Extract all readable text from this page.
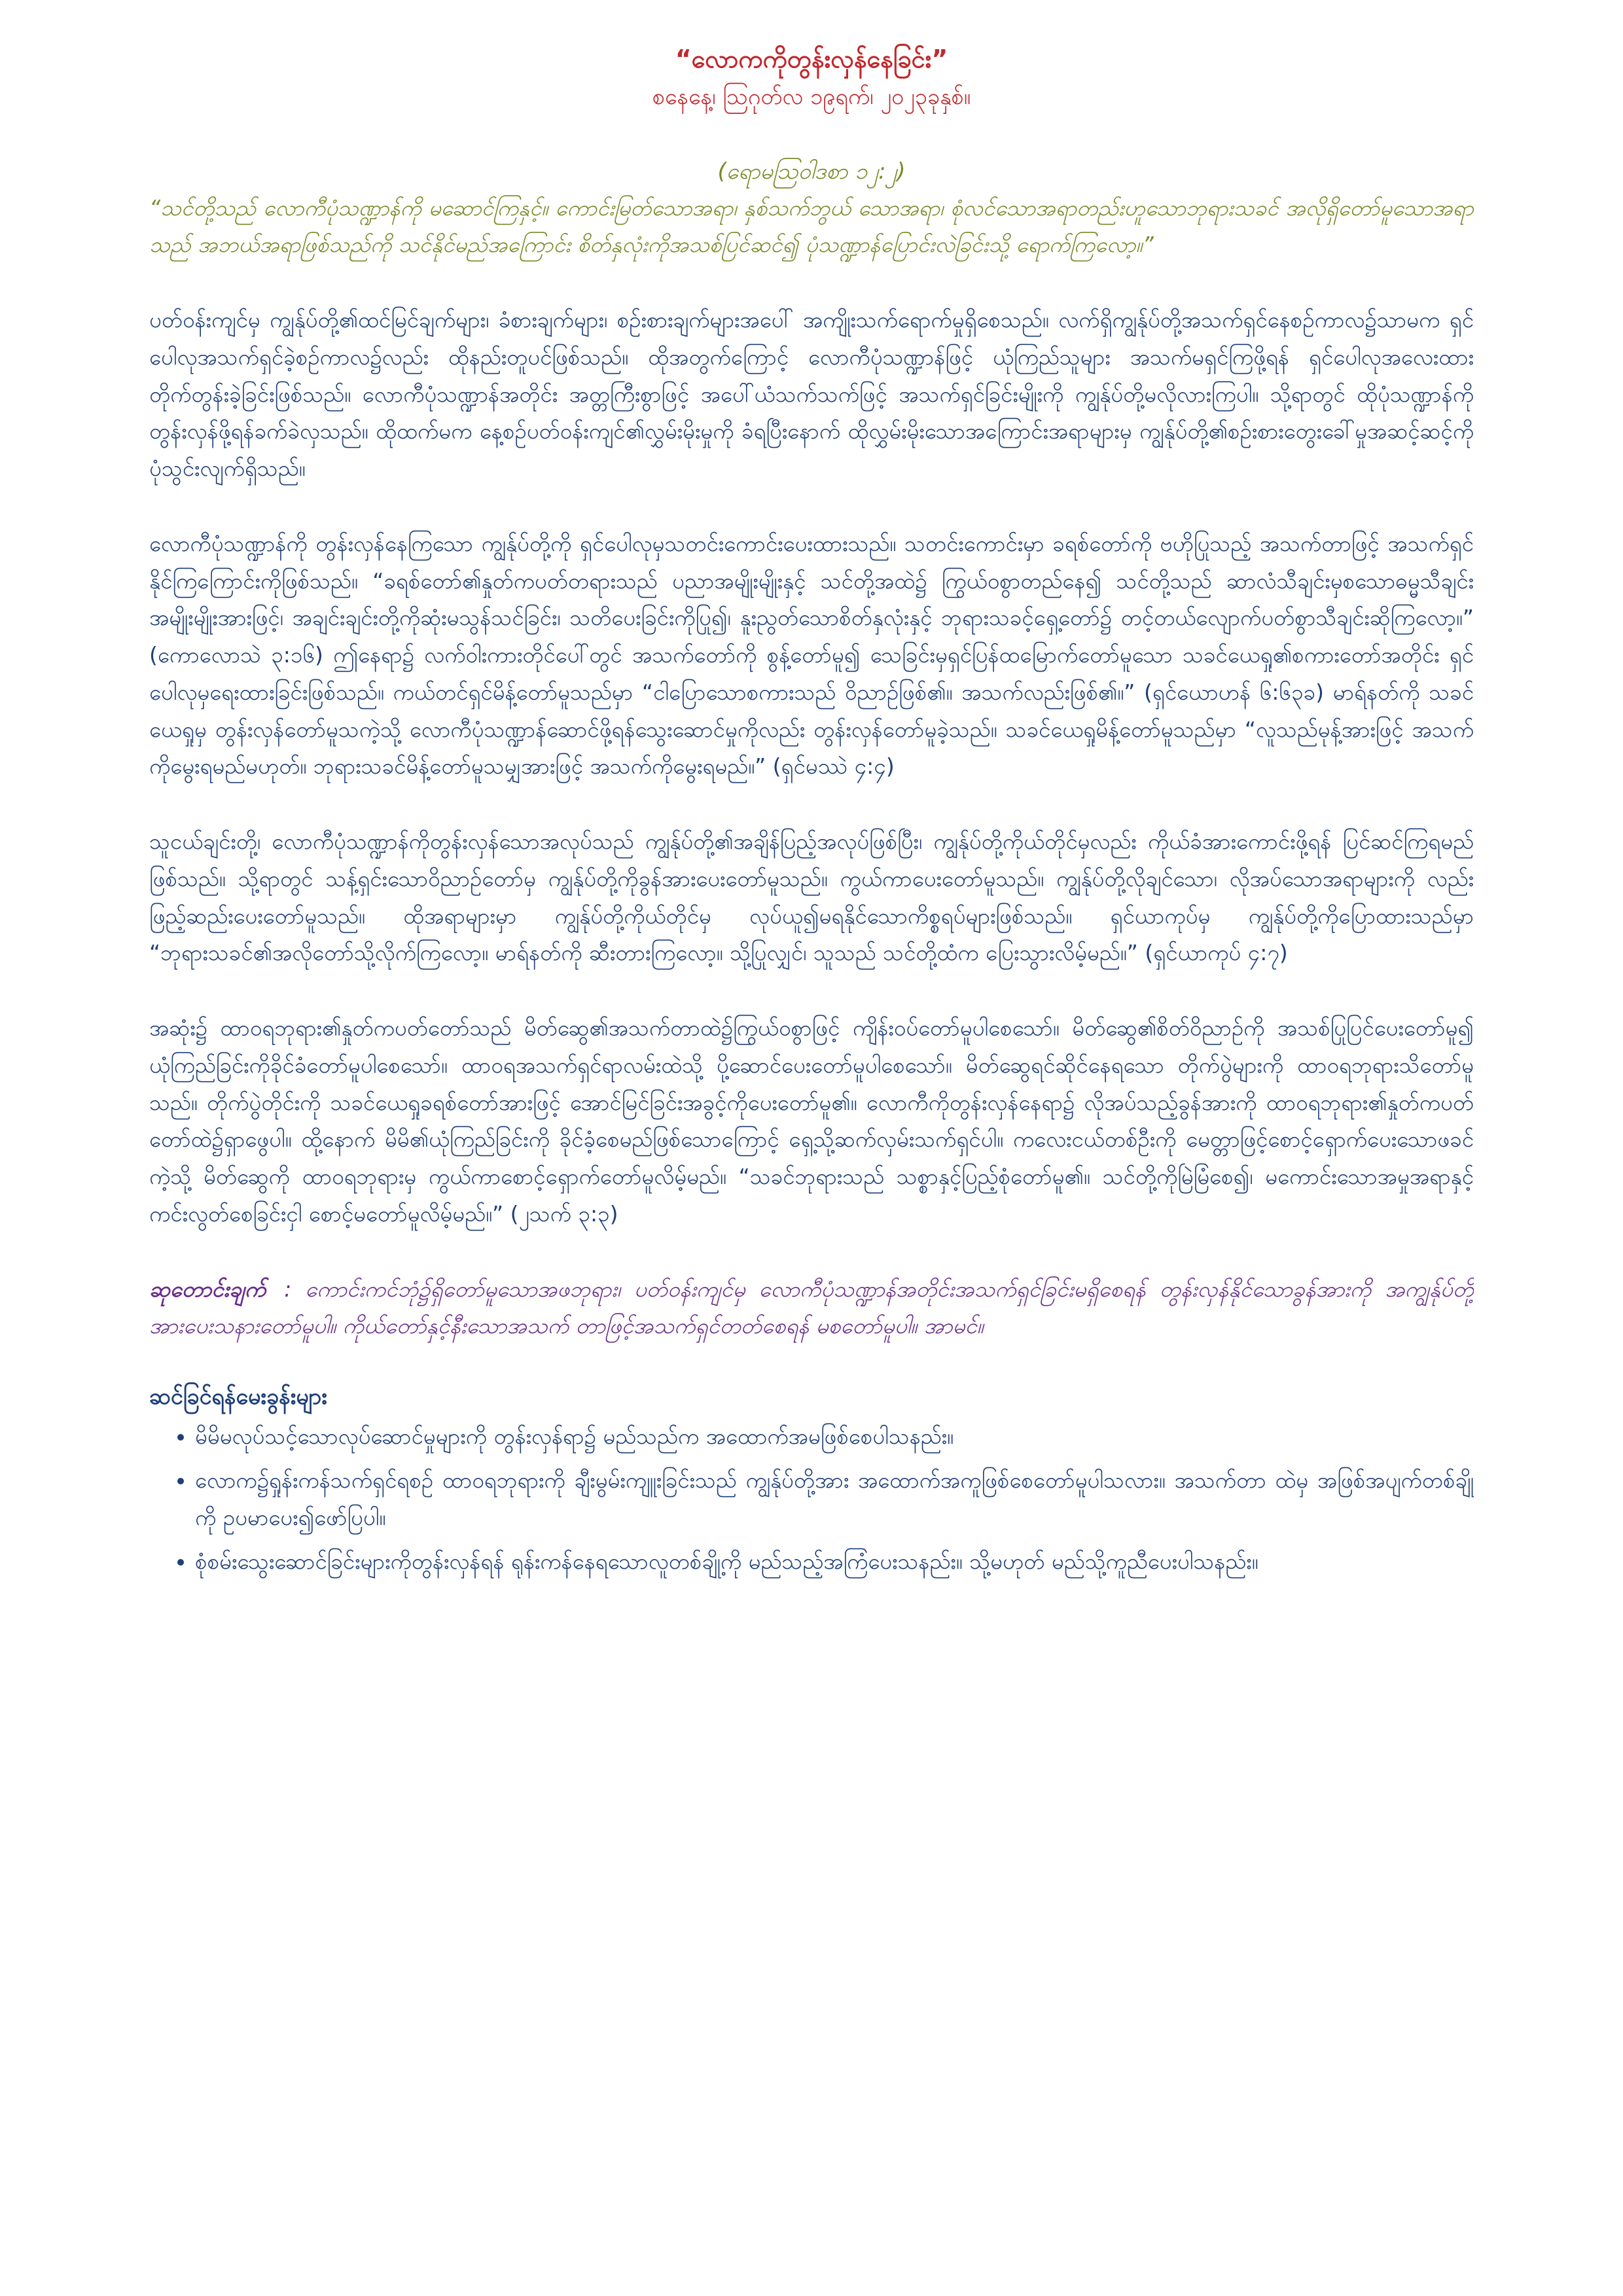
“လောကကိုတွန်းလှန်နေခြင်း”

စနေနေ့၊ ဩဂုတ်လ ၁၉ရက်၊ ၂၀၂၃ခုနှစ်။

(ရောမဩဝါဒစာ ၁၂:၂)

“သင်တို့သည် လောကီပုံသဏ္ဍာန်ကို မဆောင်ကြနှင့်။ ကောင်းမြတ်သောအရာ၊ နှစ်သက်ဘွယ် သောအရာ၊ စုံလင်သောအရာတည်းဟူသောဘုရားသခင် အလိုရှိတော်မူသောအရာသည် အဘယ်အရာဖြစ်သည်ကို သင်နိုင်မည်အကြောင်း စိတ်နှလုံးကိုအသစ်ပြင်ဆင်၍ ပုံသဏ္ဍာန်ပြောင်းလဲခြင်းသို့ ရောက်ကြလော့။”

ပတ်ဝန်းကျင်မှ ကျွန်ုပ်တို့၏ထင်မြင်ချက်များ၊ ခံစားချက်များ၊ စဉ်းစားချက်များအပေါ် အကျိုးသက်ရောက်မှုရှိစေသည်။ လက်ရှိကျွန်ုပ်တို့အသက်ရှင်နေစဉ်ကာလ၌သာမက ရှင်ပေါလုအသက်ရှင်ခဲ့စဉ်ကာလ၌လည်း ထိုနည်းတူပင်ဖြစ်သည်။ ထိုအတွက်ကြောင့် လောကီပုံသဏ္ဍာန်ဖြင့် ယုံကြည်သူများ အသက်မရှင်ကြဖို့ရန် ရှင်ပေါလုအလေးထား တိုက်တွန်းခဲ့ခြင်းဖြစ်သည်။ လောကီပုံသဏ္ဍာန်အတိုင်း အတ္တကြီးစွာဖြင့် အပေါ်ယံသက်သက်ဖြင့် အသက်ရှင်ခြင်းမျိုးကို ကျွန်ုပ်တို့မလိုလားကြပါ။ သို့ရာတွင် ထိုပုံသဏ္ဍာန်ကိုတွန်းလှန်ဖို့ရန်ခက်ခဲလှသည်။ ထိုထက်မက နေ့စဉ်ပတ်ဝန်းကျင်၏လွှမ်းမိုးမှုကို ခံရပြီးနောက် ထိုလွှမ်းမိုးသောအကြောင်းအရာများမှ ကျွန်ုပ်တို့၏စဉ်းစားတွေးခေါ်မှုအဆင့်ဆင့်ကို ပုံသွင်းလျက်ရှိသည်။

လောကီပုံသဏ္ဍာန်ကို တွန်းလှန်နေကြသော ကျွန်ုပ်တို့ကို ရှင်ပေါလုမှသတင်းကောင်းပေးထားသည်။ သတင်းကောင်းမှာ ခရစ်တော်ကို ဗဟိုပြုသည့် အသက်တာဖြင့် အသက်ရှင်နိုင်ကြကြောင်းကိုဖြစ်သည်။ “ခရစ်တော်၏နှုတ်ကပတ်တရားသည် ပညာအမျိုးမျိုးနှင့် သင်တို့အထဲ၌ ကြွယ်ဝစွာတည်နေ၍ သင်တို့သည် ဆာလံသီချင်းမှစသောဓမ္မသီချင်း အမျိုးမျိုးအားဖြင့်၊ အချင်းချင်းတို့ကိုဆုံးမသွန်သင်ခြင်း၊ သတိပေးခြင်းကိုပြု၍၊ နူးညွတ်သောစိတ်နှလုံးနှင့် ဘုရားသခင့်ရှေ့တော်၌ တင့်တယ်လျောက်ပတ်စွာသီချင်းဆိုကြလော့။” (ကောလောသဲ ၃:၁၆) ဤနေရာ၌ လက်ဝါးကားတိုင်ပေါ်တွင် အသက်တော်ကို စွန့်တော်မူ၍ သေခြင်းမှရှင်ပြန်ထမြောက်တော်မူသော သခင်ယေရှု၏စကားတော်အတိုင်း ရှင်ပေါလုမှရေးထားခြင်းဖြစ်သည်။ ကယ်တင်ရှင်မိန့်တော်မူသည်မှာ “ငါပြောသောစကားသည် ဝိညာဉ်ဖြစ်၏။ အသက်လည်းဖြစ်၏။” (ရှင်ယောဟန် ၆:၆၃ခ) မာရ်နတ်ကို သခင်ယေရှုမှ တွန်းလှန်တော်မူသကဲ့သို့ လောကီပုံသဏ္ဍာန်ဆောင်ဖို့ရန်သွေးဆောင်မှုကိုလည်း တွန်းလှန်တော်မူခဲ့သည်။ သခင်ယေရှုမိန့်တော်မူသည်မှာ “လူသည်မုန့်အားဖြင့် အသက်ကိုမွေးရမည်မဟုတ်။ ဘုရားသခင်မိန့်တော်မူသမျှအားဖြင့် အသက်ကိုမွေးရမည်။” (ရှင်မဿဲ ၄:၄)

သူငယ်ချင်းတို့၊ လောကီပုံသဏ္ဍာန်ကိုတွန်းလှန်သောအလုပ်သည် ကျွန်ုပ်တို့၏အချိန်ပြည့်အလုပ်ဖြစ်ပြီး၊ ကျွန်ုပ်တို့ကိုယ်တိုင်မှလည်း ကိုယ်ခံအားကောင်းဖို့ရန် ပြင်ဆင်ကြရမည်ဖြစ်သည်။ သို့ရာတွင် သန့်ရှင်းသောဝိညာဉ်တော်မှ ကျွန်ုပ်တို့ကိုခွန်အားပေးတော်မူသည်။ ကွယ်ကာပေးတော်မူသည်။ ကျွန်ုပ်တို့လိုချင်သော၊ လိုအပ်သောအရာများကို လည်းဖြည့်ဆည်းပေးတော်မူသည်။ ထိုအရာများမှာ ကျွန်ုပ်တို့ကိုယ်တိုင်မှ လုပ်ယူ၍မရနိုင်သောကိစ္စရပ်များဖြစ်သည်။ ရှင်ယာကုပ်မှ ကျွန်ုပ်တို့ကိုပြောထားသည်မှာ “ဘုရားသခင်၏အလိုတော်သို့လိုက်ကြလော့။ မာရ်နတ်ကို ဆီးတားကြလော့။ သို့ပြုလျှင်၊ သူသည် သင်တို့ထံက ပြေးသွားလိမ့်မည်။” (ရှင်ယာကုပ် ၄:၇)

အဆုံး၌ ထာဝရဘုရား၏နှုတ်ကပတ်တော်သည် မိတ်ဆွေ၏အသက်တာထဲ၌ကြွယ်ဝစွာဖြင့် ကျိန်းဝပ်တော်မူပါစေသော်။ မိတ်ဆွေ၏စိတ်ဝိညာဉ်ကို အသစ်ပြုပြင်ပေးတော်မူ၍ ယုံကြည်ခြင်းကိုခိုင်ခံတော်မူပါစေသော်။ ထာဝရအသက်ရှင်ရာလမ်းထဲသို့ ပို့ဆောင်ပေးတော်မူပါစေသော်။ မိတ်ဆွေရင်ဆိုင်နေရသော တိုက်ပွဲများကို ထာဝရဘုရားသိတော်မူသည်။ တိုက်ပွဲတိုင်းကို သခင်ယေရှုခရစ်တော်အားဖြင့် အောင်မြင်ခြင်းအခွင့်ကိုပေးတော်မူ၏။ လောကီကိုတွန်းလှန်နေရာ၌ လိုအပ်သည့်ခွန်အားကို ထာဝရဘုရား၏နှုတ်ကပတ်တော်ထဲ၌ရှာဖွေပါ။ ထို့နောက် မိမိ၏ယုံကြည်ခြင်းကို ခိုင်ခံ့စေမည်ဖြစ်သောကြောင့် ရှေ့သို့ဆက်လှမ်းသက်ရှင်ပါ။ ကလေးငယ်တစ်ဦးကို မေတ္တာဖြင့်စောင့်ရှောက်ပေးသောဖခင်ကဲ့သို့ မိတ်ဆွေကို ထာဝရဘုရားမှ ကွယ်ကာစောင့်ရှောက်တော်မူလိမ့်မည်။ “သခင်ဘုရားသည် သစ္စာနှင့်ပြည့်စုံတော်မူ၏။ သင်တို့ကိုမြဲမြံစေ၍၊ မကောင်းသောအမှုအရာနှင့် ကင်းလွတ်စေခြင်းငှါ စောင့်မတော်မူလိမ့်မည်။” (၂သက် ၃:၃)

ဆုတောင်းချက် : ကောင်းကင်ဘုံ၌ရှိတော်မူသောအဖဘုရား၊ ပတ်ဝန်းကျင်မှ လောကီပုံသဏ္ဍာန်အတိုင်းအသက်ရှင်ခြင်းမရှိစေရန် တွန်းလှန်နိုင်သောခွန်အားကို အကျွန်ုပ်တို့အားပေးသနားတော်မူပါ။ ကိုယ်တော်နှင့်နီးသောအသက် တာဖြင့်အသက်ရှင်တတ်စေရန် မစတော်မူပါ။ အာမင်။

ဆင်ခြင်ရန်မေးခွန်းများ

• မိမိမလုပ်သင့်သောလုပ်ဆောင်မှုများကို တွန်းလှန်ရာ၌ မည်သည်က အထောက်အမဖြစ်စေပါသနည်း။
• လောက၌ရှုန်းကန်သက်ရှင်ရစဉ် ထာဝရဘုရားကို ချီးမွမ်းကျူးခြင်းသည် ကျွန်ုပ်တို့အား အထောက်အကူဖြစ်စေတော်မူပါသလား။ အသက်တာ ထဲမှ အဖြစ်အပျက်တစ်ချို့ကို ဥပမာပေး၍ဖော်ပြပါ။
• စုံစမ်းသွေးဆောင်ခြင်းများကိုတွန်းလှန်ရန် ရုန်းကန်နေရသောလူတစ်ချို့ကို မည်သည့်အကြံပေးသနည်း။ သို့မဟုတ် မည်သို့ကူညီပေးပါသနည်း။
